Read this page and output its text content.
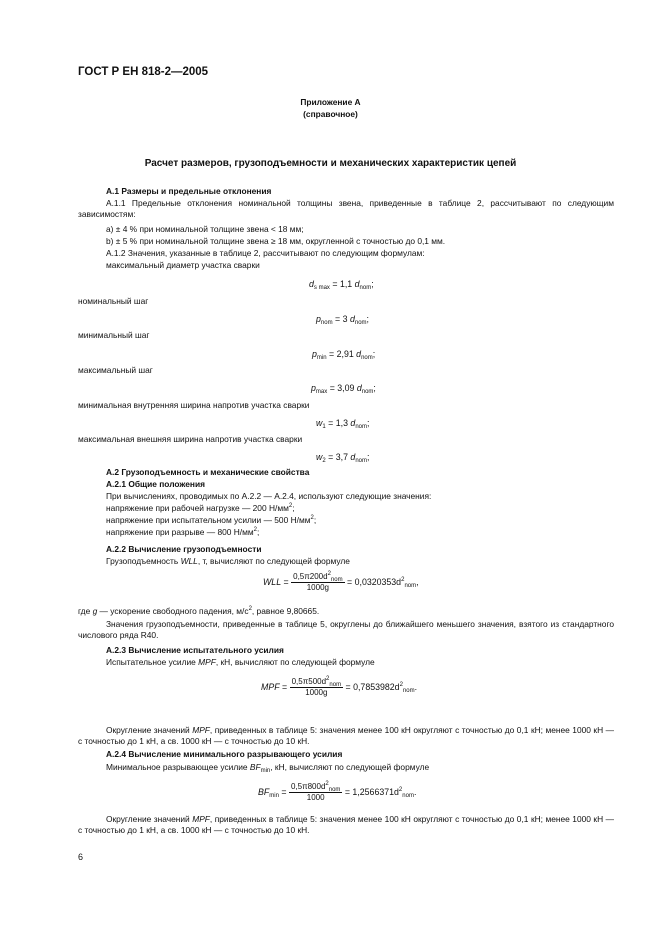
ГОСТ Р ЕН 818-2—2005
Приложение А
(справочное)
Расчет размеров, грузоподъемности и механических характеристик цепей
А.1 Размеры и предельные отклонения
А.1.1 Предельные отклонения номинальной толщины звена, приведенные в таблице 2, рассчитывают по следующим зависимостям:
а) ± 4 % при номинальной толщине звена < 18 мм;
b) ± 5 % при номинальной толщине звена ≥ 18 мм, округленной с точностью до 0,1 мм.
А.1.2 Значения, указанные в таблице 2, рассчитывают по следующим формулам:
максимальный диаметр участка сварки
$d_{s max} = 1,1$ $d_{nom}$;
номинальный шаг
$p_{nom} = 3$ $d_{nom}$;
минимальный шаг
$p_{min} = 2,91$ $d_{nom}$;
максимальный шаг
$p_{max} = 3,09$ $d_{nom}$;
минимальная внутренняя ширина напротив участка сварки
$w_1 = 1,3$ $d_{nom}$;
максимальная внешняя ширина напротив участка сварки
$w_2 = 3,7$ $d_{nom}$;
А.2 Грузоподъемность и механические свойства
А.2.1 Общие положения
При вычислениях, проводимых по А.2.2 — А.2.4, используют следующие значения:
напряжение при рабочей нагрузке — 200 $Н/мм^2$;
напряжение при испытательном усилии — 500 $Н/мм^2$;
напряжение при разрыве — 800 $Н/мм^2$;
А.2.2 Вычисление грузоподъемности
Грузоподъемность WLL, т, вычисляют по следующей формуле
WLL = $\frac{0,5\pi 200d^2_{nom}}{1000g} = 0,0320353d^2_{nom}$,
где g — ускорение свободного падения, $м/с^2$, равное 9,80665.
Значения грузоподъемности, приведенные в таблице 5, округлены до ближайшего меньшего значения, взятого из стандартного числового ряда R40.
А.2.3 Вычисление испытательного усилия
Испытательное усилие MPF, кН, вычисляют по следующей формуле
MPF = $\frac{0,5\pi 500d^2_{nom}}{1000g} = 0,7853982d^2_{nom}$.
Округление значений MPF, приведенных в таблице 5: значения менее 100 кН округляют с точностью до 0,1 кН; менее 1000 кН — с точностью до 1 кН, а св. 1000 кН — с точностью до 10 кН.
А.2.4 Вычисление минимального разрывающего усилия
Минимальное разрывающее усилие $BF_{min}$, кН, вычисляют по следующей формуле
$BF_{min} = \frac{0,5\pi 800d^2_{nom}}{1000} = 1,2566371d^2_{nom}$.
Округление значений MPF, приведенных в таблице 5: значения менее 100 кН округляют с точностью до 0,1 кН; менее 1000 кН — с точностью до 1 кН, а св. 1000 кН — с точностью до 10 кН.
6
